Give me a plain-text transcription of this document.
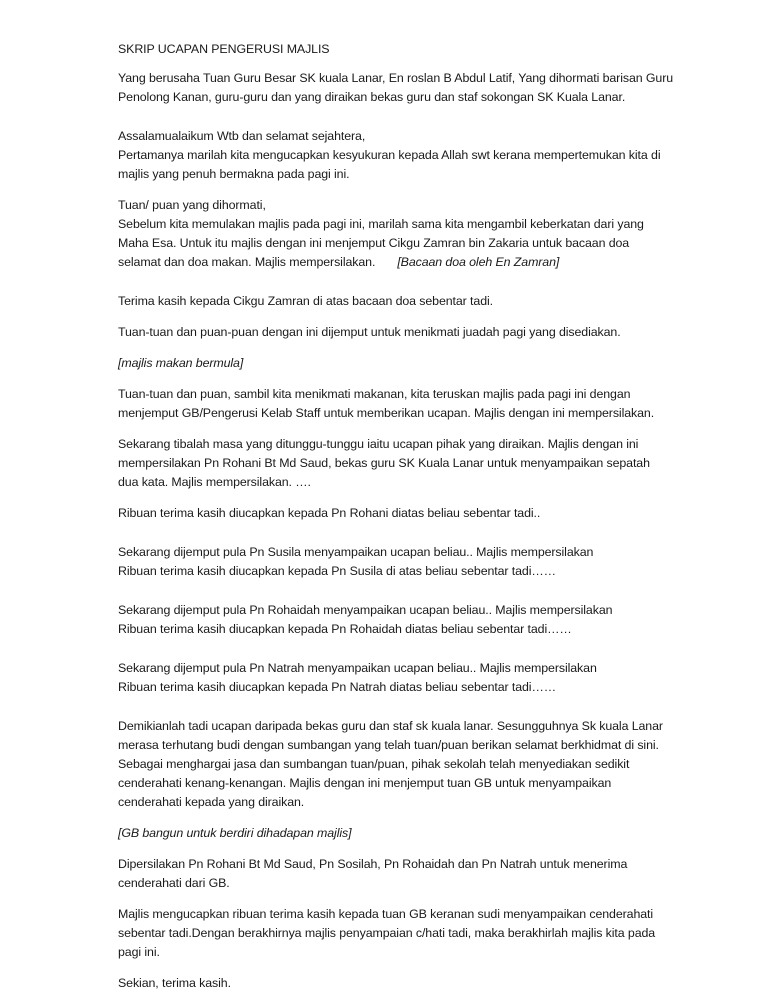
SKRIP UCAPAN PENGERUSI MAJLIS
Yang berusaha Tuan Guru Besar SK kuala Lanar, En roslan B Abdul Latif, Yang dihormati barisan Guru
Penolong Kanan, guru-guru dan yang diraikan bekas guru dan staf sokongan SK Kuala Lanar.
Assalamualaikum Wtb dan selamat sejahtera,
Pertamanya marilah kita mengucapkan kesyukuran kepada Allah swt kerana mempertemukan kita di
majlis yang penuh bermakna pada pagi ini.
Tuan/ puan yang dihormati,
Sebelum kita memulakan majlis pada pagi ini, marilah sama kita mengambil keberkatan dari yang
Maha Esa. Untuk itu majlis dengan ini menjemput Cikgu Zamran bin Zakaria untuk bacaan doa
selamat dan doa makan. Majlis mempersilakan. [Bacaan doa oleh En Zamran]
Terima kasih kepada Cikgu Zamran di atas bacaan doa sebentar tadi.
Tuan-tuan dan puan-puan dengan ini dijemput untuk menikmati juadah pagi yang disediakan.
[majlis makan bermula]
Tuan-tuan dan puan, sambil kita menikmati makanan, kita teruskan majlis pada pagi ini dengan
menjemput GB/Pengerusi Kelab Staff untuk memberikan ucapan. Majlis dengan ini mempersilakan.
Sekarang tibalah masa yang ditunggu-tunggu iaitu ucapan pihak yang diraikan. Majlis dengan ini
mempersilakan Pn Rohani Bt Md Saud, bekas guru SK Kuala Lanar untuk menyampaikan sepatah
dua kata. Majlis mempersilakan. ….
Ribuan terima kasih diucapkan kepada Pn Rohani diatas beliau sebentar tadi..
Sekarang dijemput pula Pn Susila menyampaikan ucapan beliau.. Majlis mempersilakan
Ribuan terima kasih diucapkan kepada Pn Susila di atas beliau sebentar tadi……
Sekarang dijemput pula Pn Rohaidah menyampaikan ucapan beliau.. Majlis mempersilakan
Ribuan terima kasih diucapkan kepada Pn Rohaidah diatas beliau sebentar tadi……
Sekarang dijemput pula Pn Natrah menyampaikan ucapan beliau.. Majlis mempersilakan
Ribuan terima kasih diucapkan kepada Pn Natrah diatas beliau sebentar tadi……
Demikianlah tadi ucapan daripada bekas guru dan staf sk kuala lanar. Sesungguhnya Sk kuala Lanar
merasa terhutang budi dengan sumbangan yang telah tuan/puan berikan selamat berkhidmat di sini.
Sebagai menghargai jasa dan sumbangan tuan/puan, pihak sekolah telah menyediakan sedikit
cenderahati kenang-kenangan. Majlis dengan ini menjemput tuan GB untuk menyampaikan
cenderahati kepada yang diraikan.
[GB bangun untuk berdiri dihadapan majlis]
Dipersilakan Pn Rohani Bt Md Saud, Pn Sosilah, Pn Rohaidah dan Pn Natrah untuk menerima
cenderahati dari GB.
Majlis mengucapkan ribuan terima kasih kepada tuan GB keranan sudi menyampaikan cenderahati
sebentar tadi.Dengan berakhirnya majlis penyampaian c/hati tadi, maka berakhirlah majlis kita pada
pagi ini.
Sekian, terima kasih.
